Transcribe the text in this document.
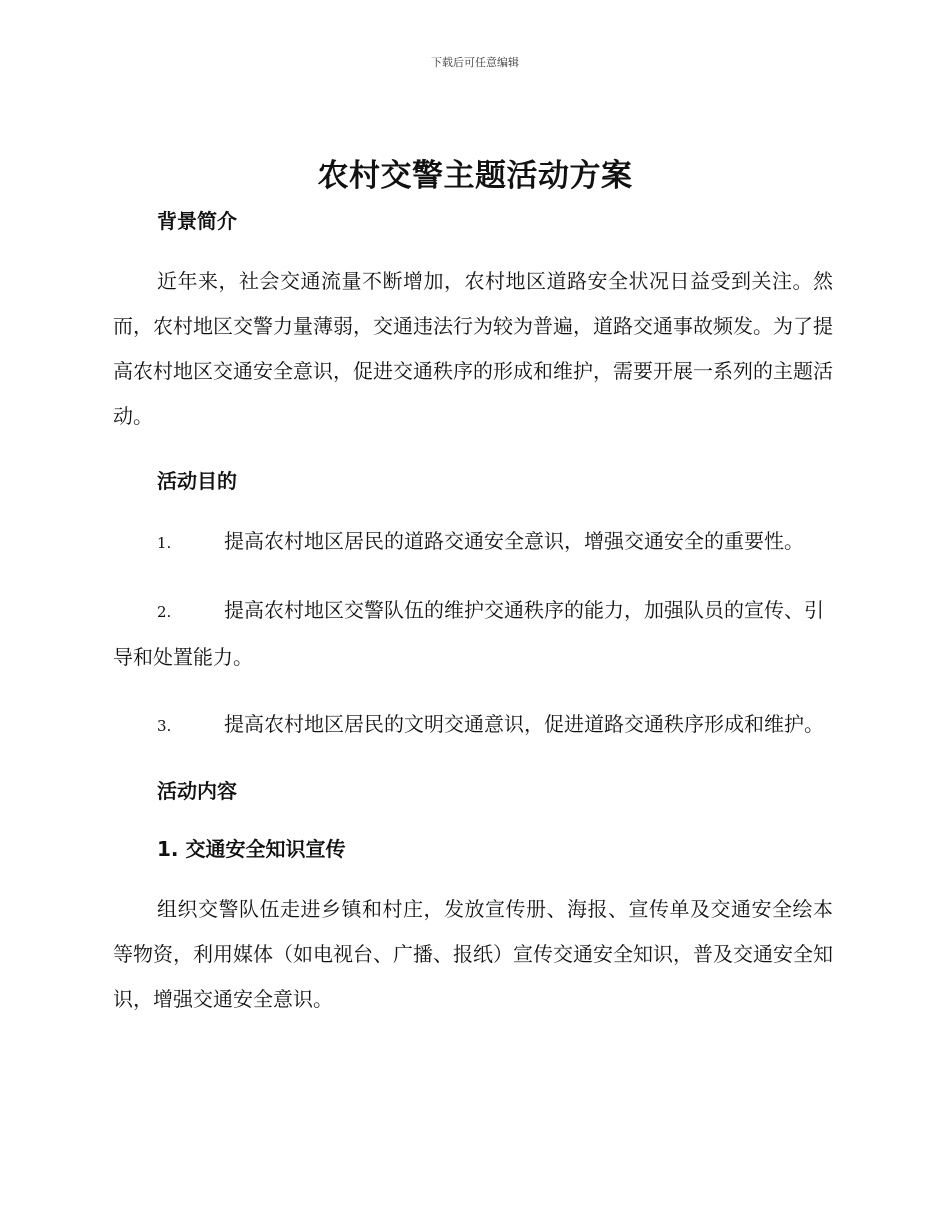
下载后可任意编辑
农村交警主题活动方案
背景简介

近年来，社会交通流量不断增加，农村地区道路安全状况日益受到关注。然而，农村地区交警力量薄弱，交通违法行为较为普遍，道路交通事故频发。为了提高农村地区交通安全意识，促进交通秩序的形成和维护，需要开展一系列的主题活动。

活动目的

1.	提高农村地区居民的道路交通安全意识，增强交通安全的重要性。

2.	提高农村地区交警队伍的维护交通秩序的能力，加强队员的宣传、引导和处置能力。

3.	提高农村地区居民的文明交通意识，促进道路交通秩序形成和维护。

活动内容
1. 交通安全知识宣传

组织交警队伍走进乡镇和村庄，发放宣传册、海报、宣传单及交通安全绘本等物资，利用媒体（如电视台、广播、报纸）宣传交通安全知识，普及交通安全知识，增强交通安全意识。
